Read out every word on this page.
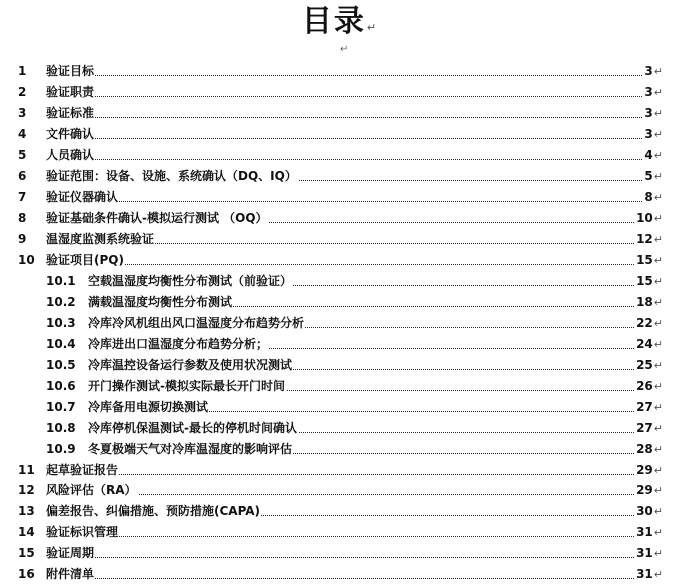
目录↵
↵
1 验证目标	3↵
2 验证职责	3↵
3 验证标准	3↵
4 文件确认	3↵
5 人员确认	4↵
6 验证范围：设备、设施、系统确认（DQ、IQ）	5↵
7 验证仪器确认	8↵
8 验证基础条件确认-模拟运行测试 （OQ）	10↵
9 温湿度监测系统验证	12↵
10 验证项目(PQ)	15↵
10.1 空载温湿度均衡性分布测试（前验证）	15↵
10.2 满载温湿度均衡性分布测试	18↵
10.3 冷库冷风机组出风口温湿度分布趋势分析	22↵
10.4 冷库进出口温湿度分布趋势分析；	24↵
10.5 冷库温控设备运行参数及使用状况测试	25↵
10.6 开门操作测试-模拟实际最长开门时间	26↵
10.7 冷库备用电源切换测试	27↵
10.8 冷库停机保温测试-最长的停机时间确认	27↵
10.9 冬夏极端天气对冷库温湿度的影响评估	28↵
11 起草验证报告	29↵
12 风险评估（RA）	29↵
13 偏差报告、纠偏措施、预防措施(CAPA)	30↵
14 验证标识管理	31↵
15 验证周期	31↵
16 附件清单	31↵
